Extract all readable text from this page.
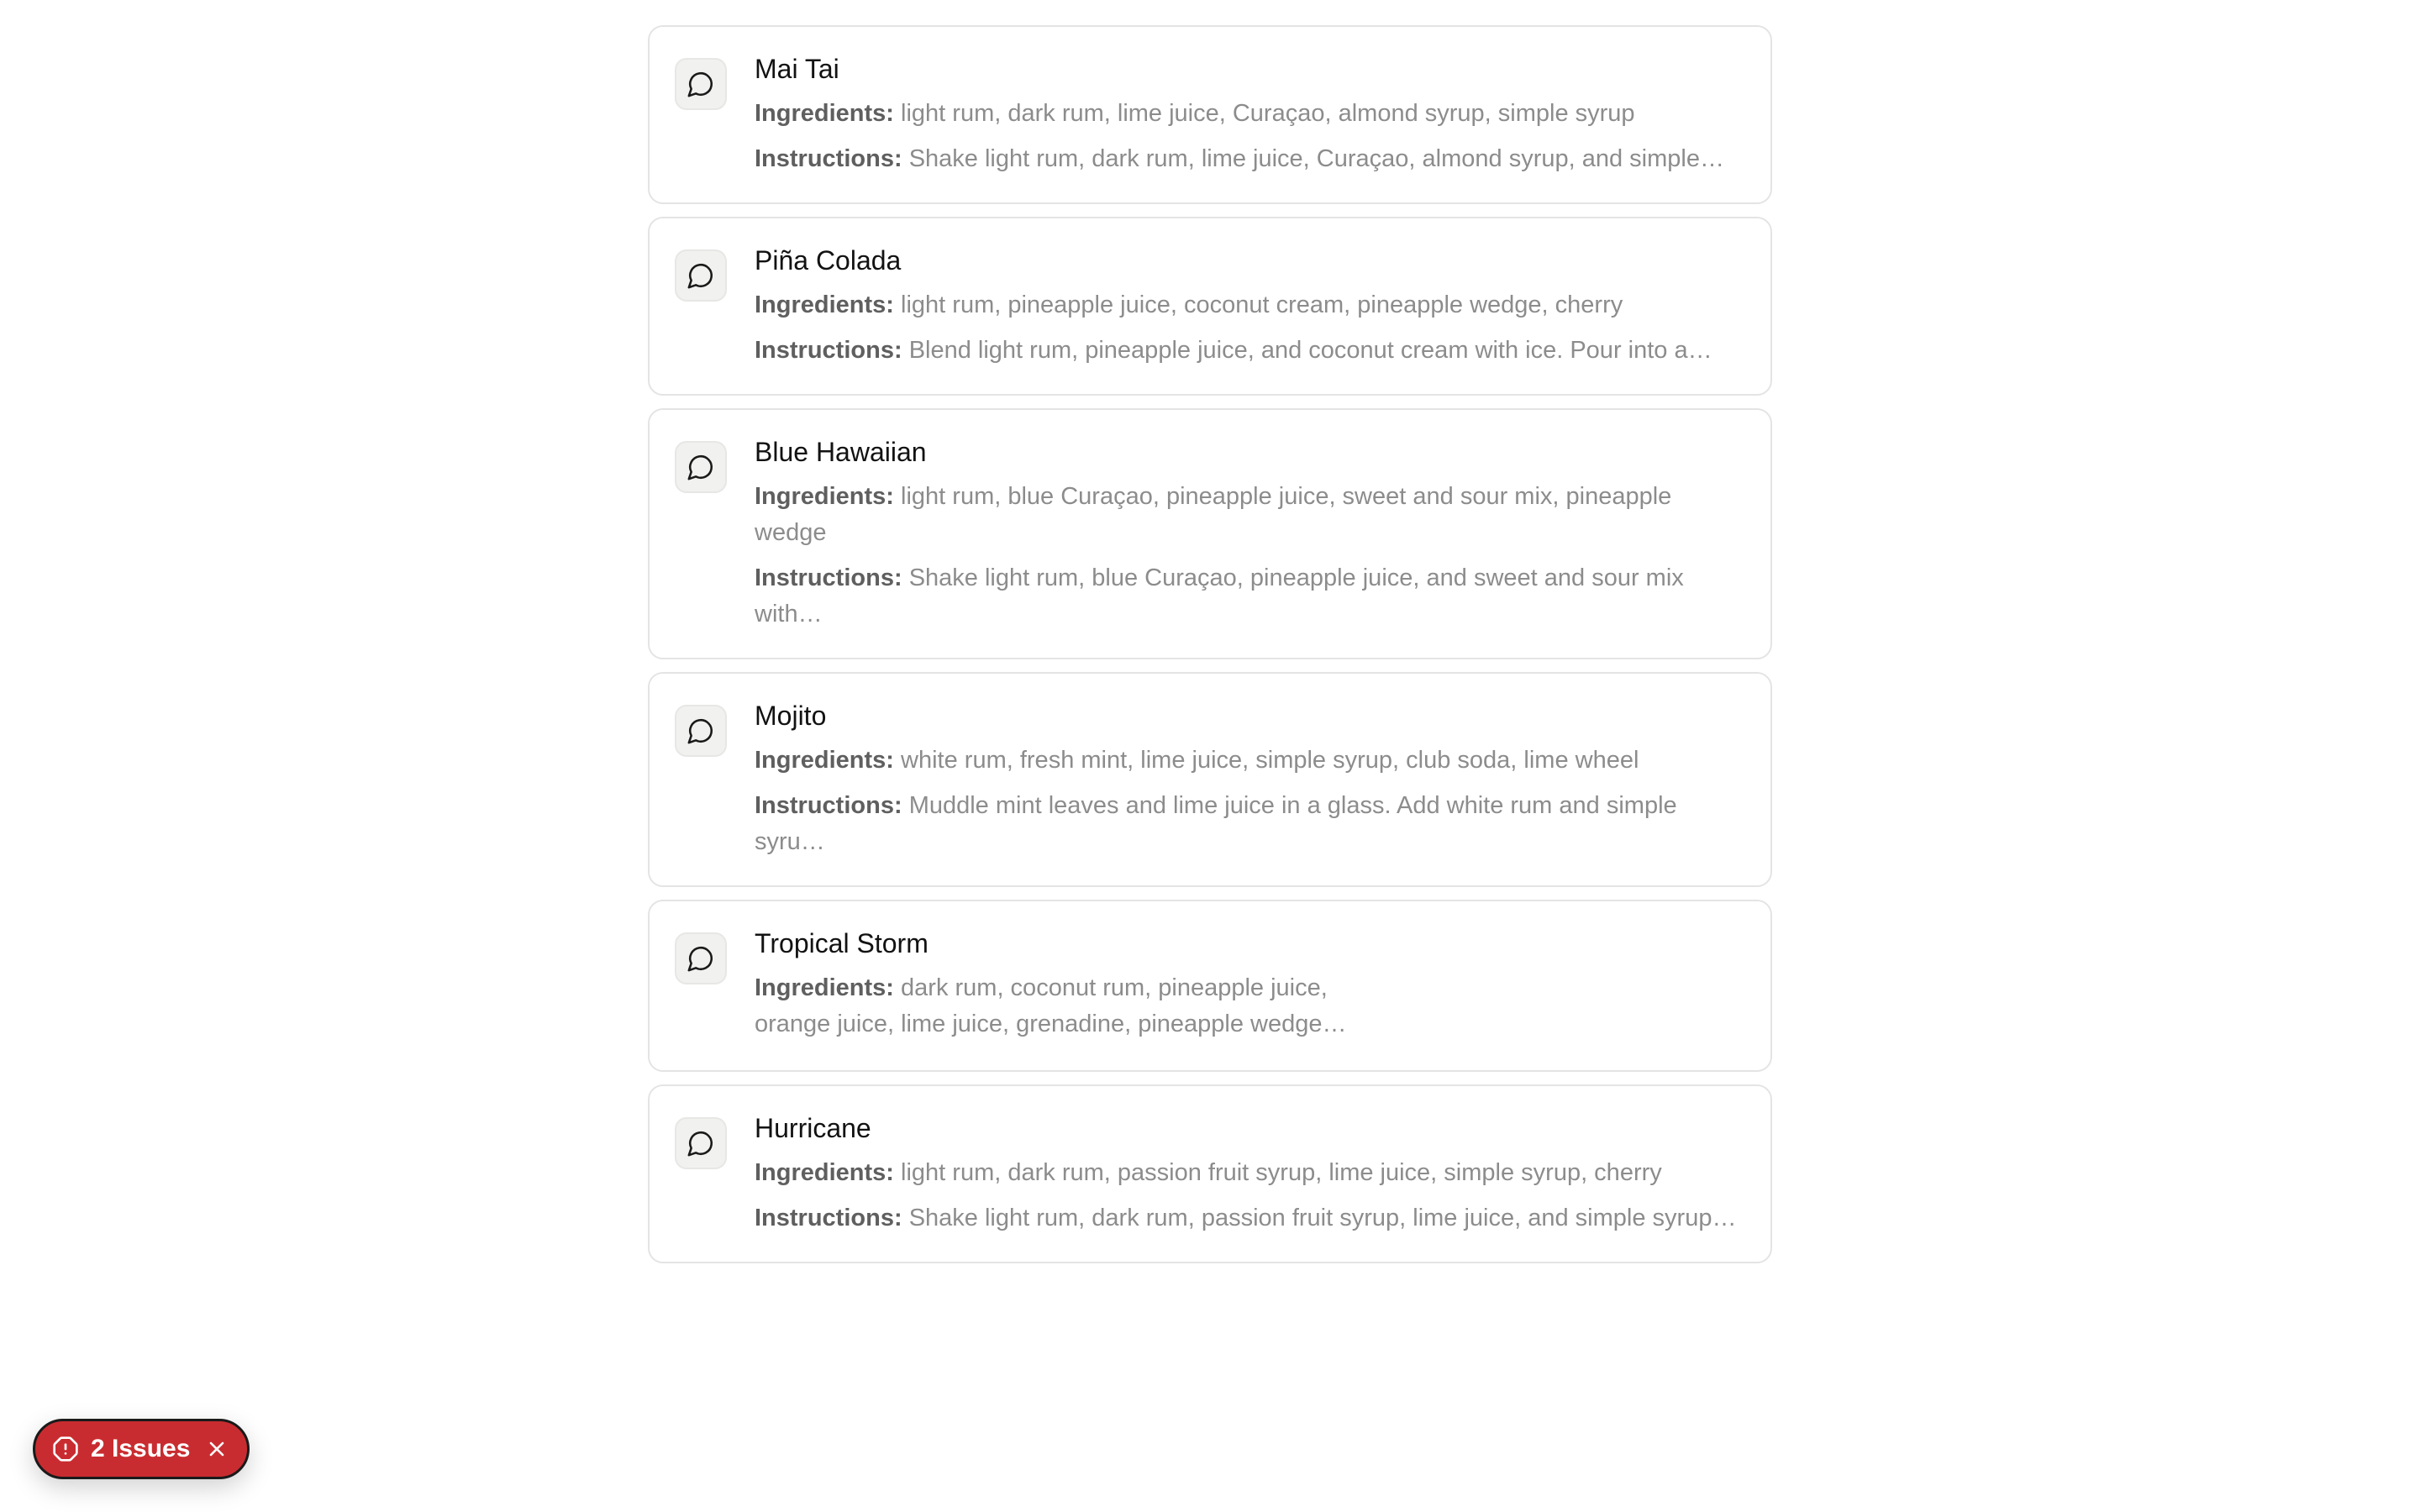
Mai Tai

Ingredients: light rum, dark rum, lime juice, Curaçao, almond syrup, simple syrup

Instructions: Shake light rum, dark rum, lime juice, Curaçao, almond syrup, and simple…

Piña Colada

Ingredients: light rum, pineapple juice, coconut cream, pineapple wedge, cherry

Instructions: Blend light rum, pineapple juice, and coconut cream with ice. Pour into a…

Blue Hawaiian

Ingredients: light rum, blue Curaçao, pineapple juice, sweet and sour mix, pineapple wedge

Instructions: Shake light rum, blue Curaçao, pineapple juice, and sweet and sour mix with…

Mojito

Ingredients: white rum, fresh mint, lime juice, simple syrup, club soda, lime wheel

Instructions: Muddle mint leaves and lime juice in a glass. Add white rum and simple syru…

Tropical Storm

Ingredients: dark rum, coconut rum, pineapple juice,
orange juice, lime juice, grenadine, pineapple wedge…

Hurricane

Ingredients: light rum, dark rum, passion fruit syrup, lime juice, simple syrup, cherry

Instructions: Shake light rum, dark rum, passion fruit syrup, lime juice, and simple syrup…

2 Issues
